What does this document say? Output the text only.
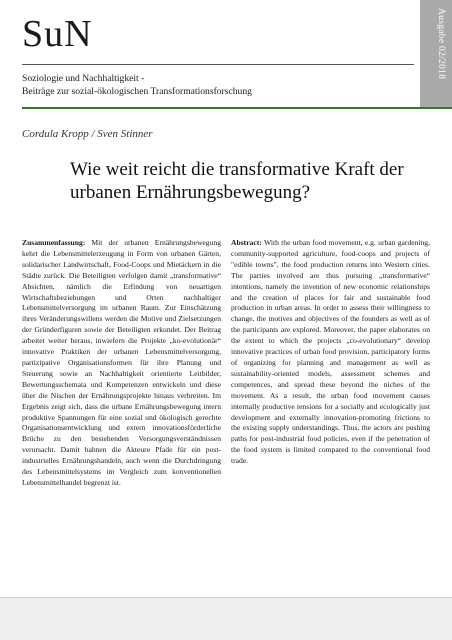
SuN
Soziologie und Nachhaltigkeit -
Beiträge zur sozial-ökologischen Transformationsforschung
Ausgabe 02/2018
Cordula Kropp / Sven Stinner
Wie weit reicht die transformative Kraft der urbanen Ernährungsbewegung?
Zusammenfassung: Mit der urbanen Ernährungsbewegung kehrt die Lebensmittelerzeugung in Form von urbanen Gärten, solidarischer Landwirtschaft, Food-Coops und Mietäckern in die Städte zurück. Die Beteiligten verfolgen damit „transformative“ Absichten, nämlich die Erfindung von neuartigen Wirtschaftsbeziehungen und Orten nachhaltiger Lebensmittelversorgung im urbanen Raum. Zur Einschätzung ihres Veränderungswillens werden die Motive und Zielsetzungen der Gründerfiguren sowie der Beteiligten erkundet. Der Beitrag arbeitet weiter heraus, inwiefern die Projekte „ko-evolutionär“ innovative Praktiken der urbanen Lebensmittelversorgung, partizipative Organisationsformen für ihre Planung und Steuerung sowie an Nachhaltigkeit orientierte Leitbilder, Bewertungsschemata und Kompetenzen entwickeln und diese über die Nischen der Ernährungsprojekte hinaus verbreiten. Im Ergebnis zeigt sich, dass die urbane Ernährungsbewegung intern produktive Spannungen für eine sozial und ökologisch gerechte Organisationsentwicklung und extern innovationsförderliche Brüche zu den bestehenden Versorgungsverständnissen verursacht. Damit bahnen die Akteure Pfade für ein post-industrielles Ernährungshandeln, auch wenn die Durchdringung des Lebensmittelsystems im Vergleich zum konventionellen Lebensmittelhandel begrenzt ist.
Abstract: With the urban food movement, e.g. urban gardening, community-supported agriculture, food-coops and projects of "edible towns", the food production returns into Western cities. The parties involved are thus pursuing „transformative“ intentions, namely the invention of new economic relationships and the creation of places for fair and sustainable food production in urban areas. In order to assess their willingness to change, the motives and objectives of the founders as well as of the participants are explored. Moreover, the paper elaborates on the extent to which the projects „co-evolutionary“ develop innovative practices of urban food provision, participatory forms of organizing for planning and management as well as sustainability-oriented models, assessment schemes and competences, and spread these beyond the niches of the movement. As a result, the urban food movement causes internally productive tensions for a socially and ecologically just development and externally innovation-promoting frictions to the existing supply understandings. Thus, the actors are pushing paths for post-industrial food policies, even if the penetration of the food system is limited compared to the conventional food trade.
